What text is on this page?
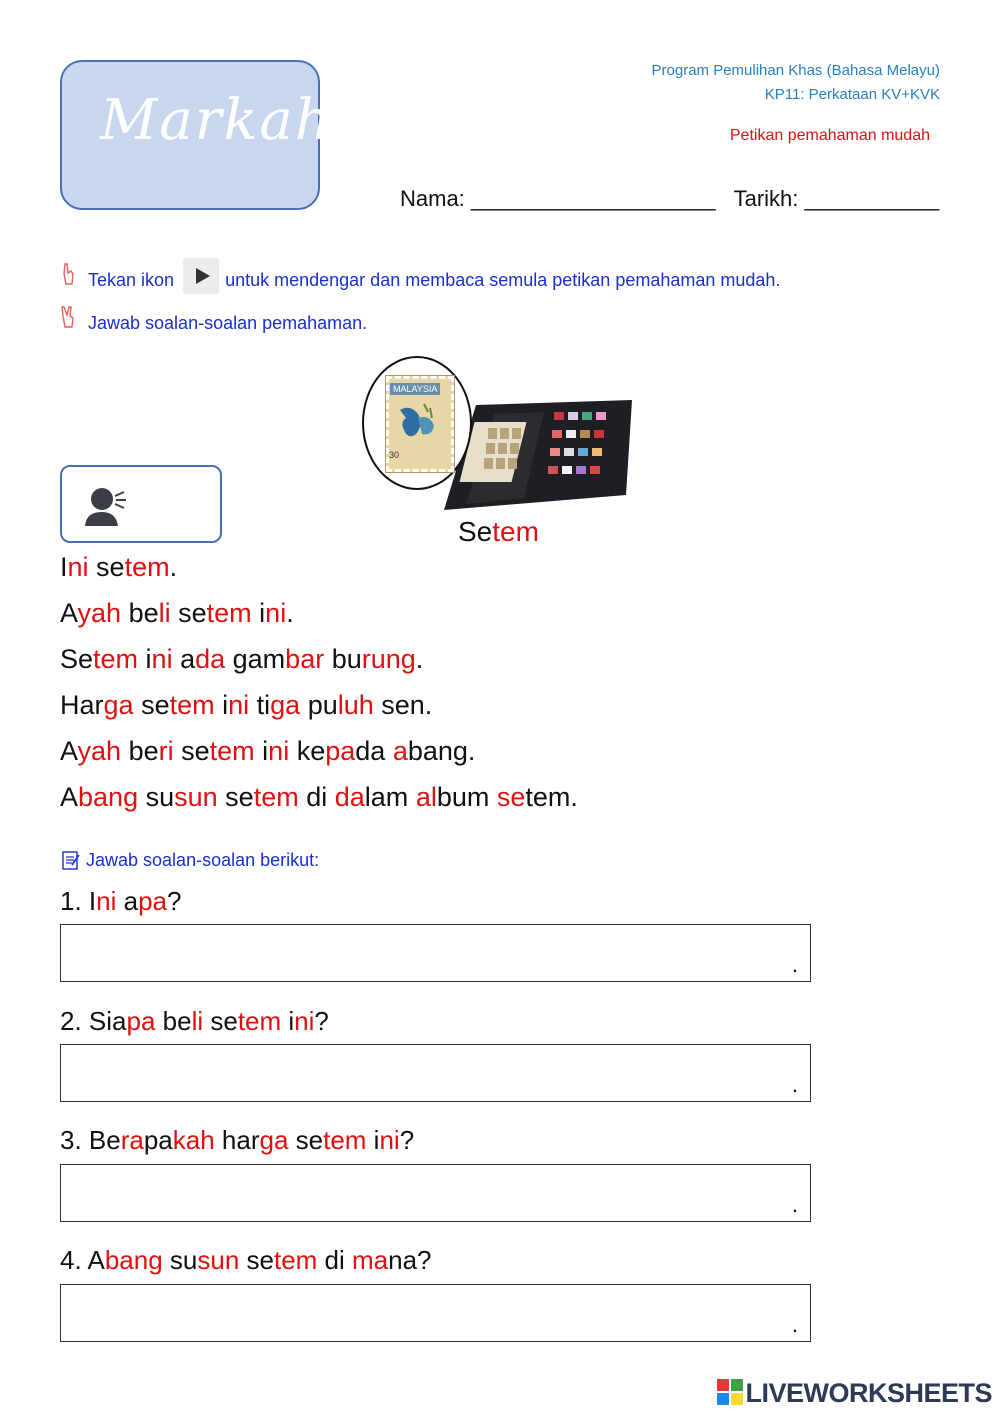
Markah
Program Pemulihan Khas (Bahasa Melayu)
KP11: Perkataan KV+KVK
Petikan pemahaman mudah
Nama: ____________________ Tarikh: ___________
Tekan ikon	untuk mendengar dan membaca semula petikan pemahaman mudah.
Jawab soalan-soalan pemahaman.
MALAYSIA
30
Setem
Ini setem.
Ayah beli setem ini.
Setem ini ada gambar burung.
Harga setem ini tiga puluh sen.
Ayah beri setem ini kepada abang.
Abang susun setem di dalam album setem.
Jawab soalan-soalan berikut:
1. Ini apa?
.
2. Siapa beli setem ini?
.
3. Berapakah harga setem ini?
.
4. Abang susun setem di mana?
.
LIVEWORKSHEETS
